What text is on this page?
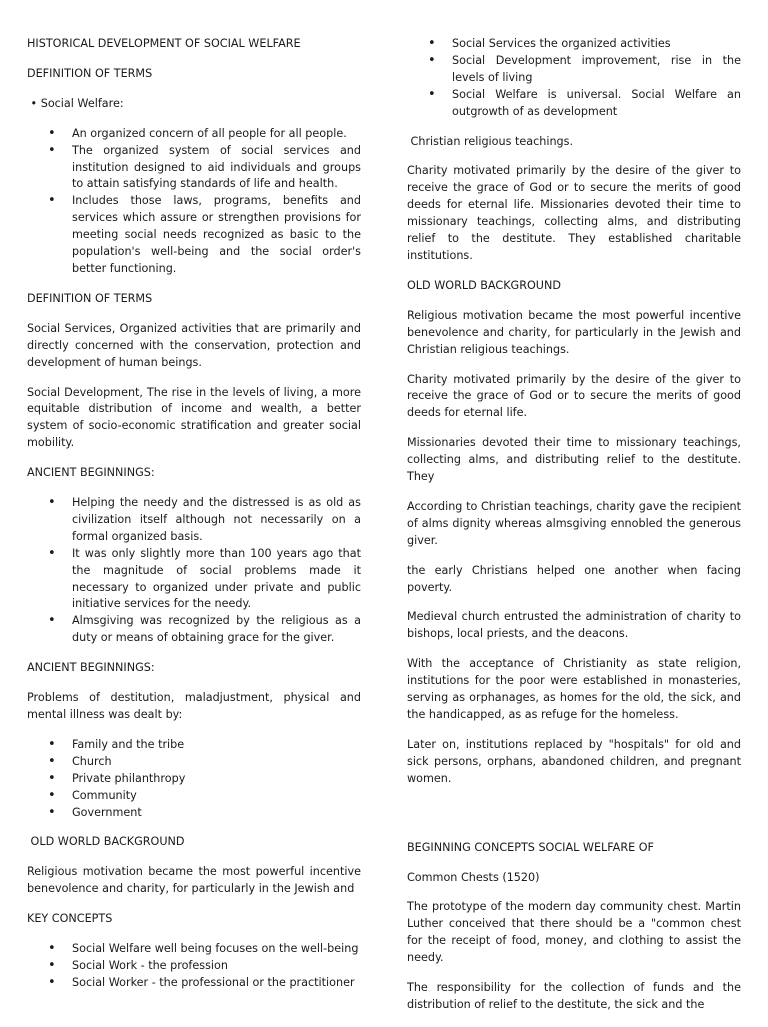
HISTORICAL DEVELOPMENT OF SOCIAL WELFARE

DEFINITION OF TERMS

• Social Welfare:

• An organized concern of all people for all people.
• The organized system of social services and institution designed to aid individuals and groups to attain satisfying standards of life and health.
• Includes those laws, programs, benefits and services which assure or strengthen provisions for meeting social needs recognized as basic to the population's well-being and the social order's better functioning.

DEFINITION OF TERMS

Social Services, Organized activities that are primarily and directly concerned with the conservation, protection and development of human beings.

Social Development, The rise in the levels of living, a more equitable distribution of income and wealth, a better system of socio-economic stratification and greater social mobility.

ANCIENT BEGINNINGS:

• Helping the needy and the distressed is as old as civilization itself although not necessarily on a formal organized basis.
• It was only slightly more than 100 years ago that the magnitude of social problems made it necessary to organized under private and public initiative services for the needy.
• Almsgiving was recognized by the religious as a duty or means of obtaining grace for the giver.

ANCIENT BEGINNINGS:

Problems of destitution, maladjustment, physical and mental illness was dealt by:

• Family and the tribe
• Church
• Private philanthropy
• Community
• Government

OLD WORLD BACKGROUND

Religious motivation became the most powerful incentive benevolence and charity, for particularly in the Jewish and

KEY CONCEPTS

• Social Welfare well being focuses on the well-being
• Social Work - the profession
• Social Worker - the professional or the practitioner
• Social Services the organized activities
• Social Development improvement, rise in the levels of living
• Social Welfare is universal. Social Welfare an outgrowth of as development

Christian religious teachings.

Charity motivated primarily by the desire of the giver to receive the grace of God or to secure the merits of good deeds for eternal life. Missionaries devoted their time to missionary teachings, collecting alms, and distributing relief to the destitute. They established charitable institutions.

OLD WORLD BACKGROUND

Religious motivation became the most powerful incentive benevolence and charity, for particularly in the Jewish and Christian religious teachings.

Charity motivated primarily by the desire of the giver to receive the grace of God or to secure the merits of good deeds for eternal life.

Missionaries devoted their time to missionary teachings, collecting alms, and distributing relief to the destitute. They

According to Christian teachings, charity gave the recipient of alms dignity whereas almsgiving ennobled the generous giver.

the early Christians helped one another when facing poverty.

Medieval church entrusted the administration of charity to bishops, local priests, and the deacons.

With the acceptance of Christianity as state religion, institutions for the poor were established in monasteries, serving as orphanages, as homes for the old, the sick, and the handicapped, as as refuge for the homeless.

Later on, institutions replaced by "hospitals" for old and sick persons, orphans, abandoned children, and pregnant women.

BEGINNING CONCEPTS SOCIAL WELFARE OF

Common Chests (1520)

The prototype of the modern day community chest. Martin Luther conceived that there should be a "common chest for the receipt of food, money, and clothing to assist the needy.

The responsibility for the collection of funds and the distribution of relief to the destitute, the sick and the
